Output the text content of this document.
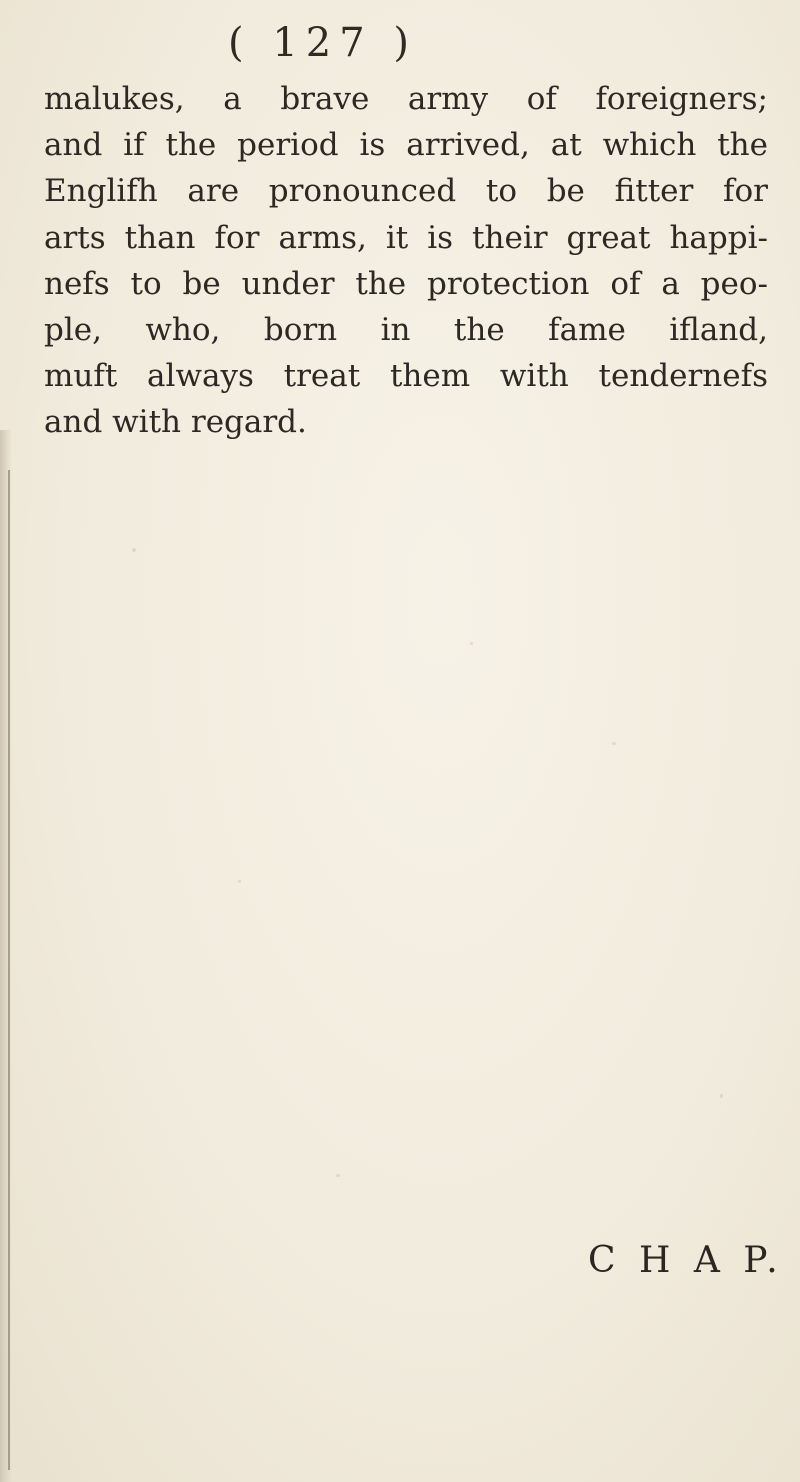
( 127 )

malukes, a brave army of foreigners;
and if the period is arrived, at which the
Englifh are pronounced to be fitter for
arts than for arms, it is their great happi-
nefs to be under the protection of a peo-
ple, who, born in the fame ifland,
muft always treat them with tendernefs
and with regard.

C H A P.
